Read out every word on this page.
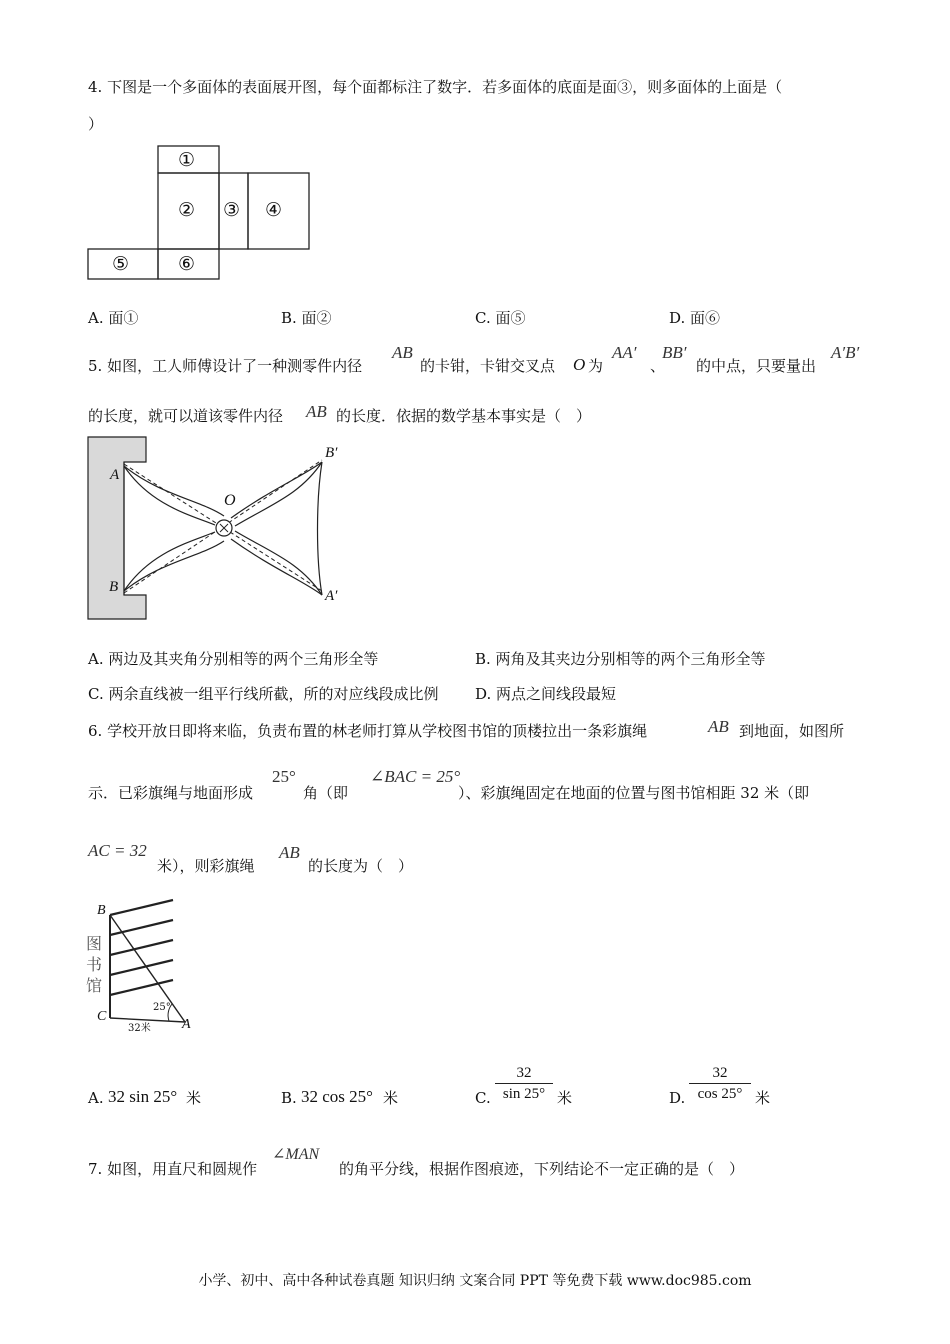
4. 下图是一个多面体的表面展开图，每个面都标注了数字．若多面体的底面是面③，则多面体的上面是（
）
①
② ③ ④
⑤	⑥
A. 面①	B. 面②	C. 面⑤	D. 面⑥
5. 如图，工人师傅设计了一种测零件内径
AB
的卡钳，卡钳交叉点 O 为
AA′
、
BB′
的中点，只要量出
A′B′
的长度，就可以道该零件内径 AB 的长度．依据的数学基本事实是（　）
A
B
O
B′
A′
A. 两边及其夹角分别相等的两个三角形全等	B. 两角及其夹边分别相等的两个三角形全等
C. 两余直线被一组平行线所截，所的对应线段成比例 D. 两点之间线段最短
6. 学校开放日即将来临，负责布置的林老师打算从学校图书馆的顶楼拉出一条彩旗绳	AB 到地面，如图所
示．已彩旗绳与地面形成
25°
角（即
∠BAC = 25°
）、彩旗绳固定在地面的位置与图书馆相距 32 米（即
AC = 32
米），则彩旗绳
AB
的长度为（　）
B
C
A
图
书
馆
25°
32米
A. 32 sin 25° 米	B. 32 cos 25° 米	C. $\frac{32}{\sin 25^\circ}$ 米	D. $\frac{32}{\cos 25^\circ}$ 米
7. 如图，用直尺和圆规作
∠MAN
的角平分线，根据作图痕迹，下列结论不一定正确的是（　）
小学、初中、高中各种试卷真题 知识归纳 文案合同 PPT 等免费下载 www.doc985.com
